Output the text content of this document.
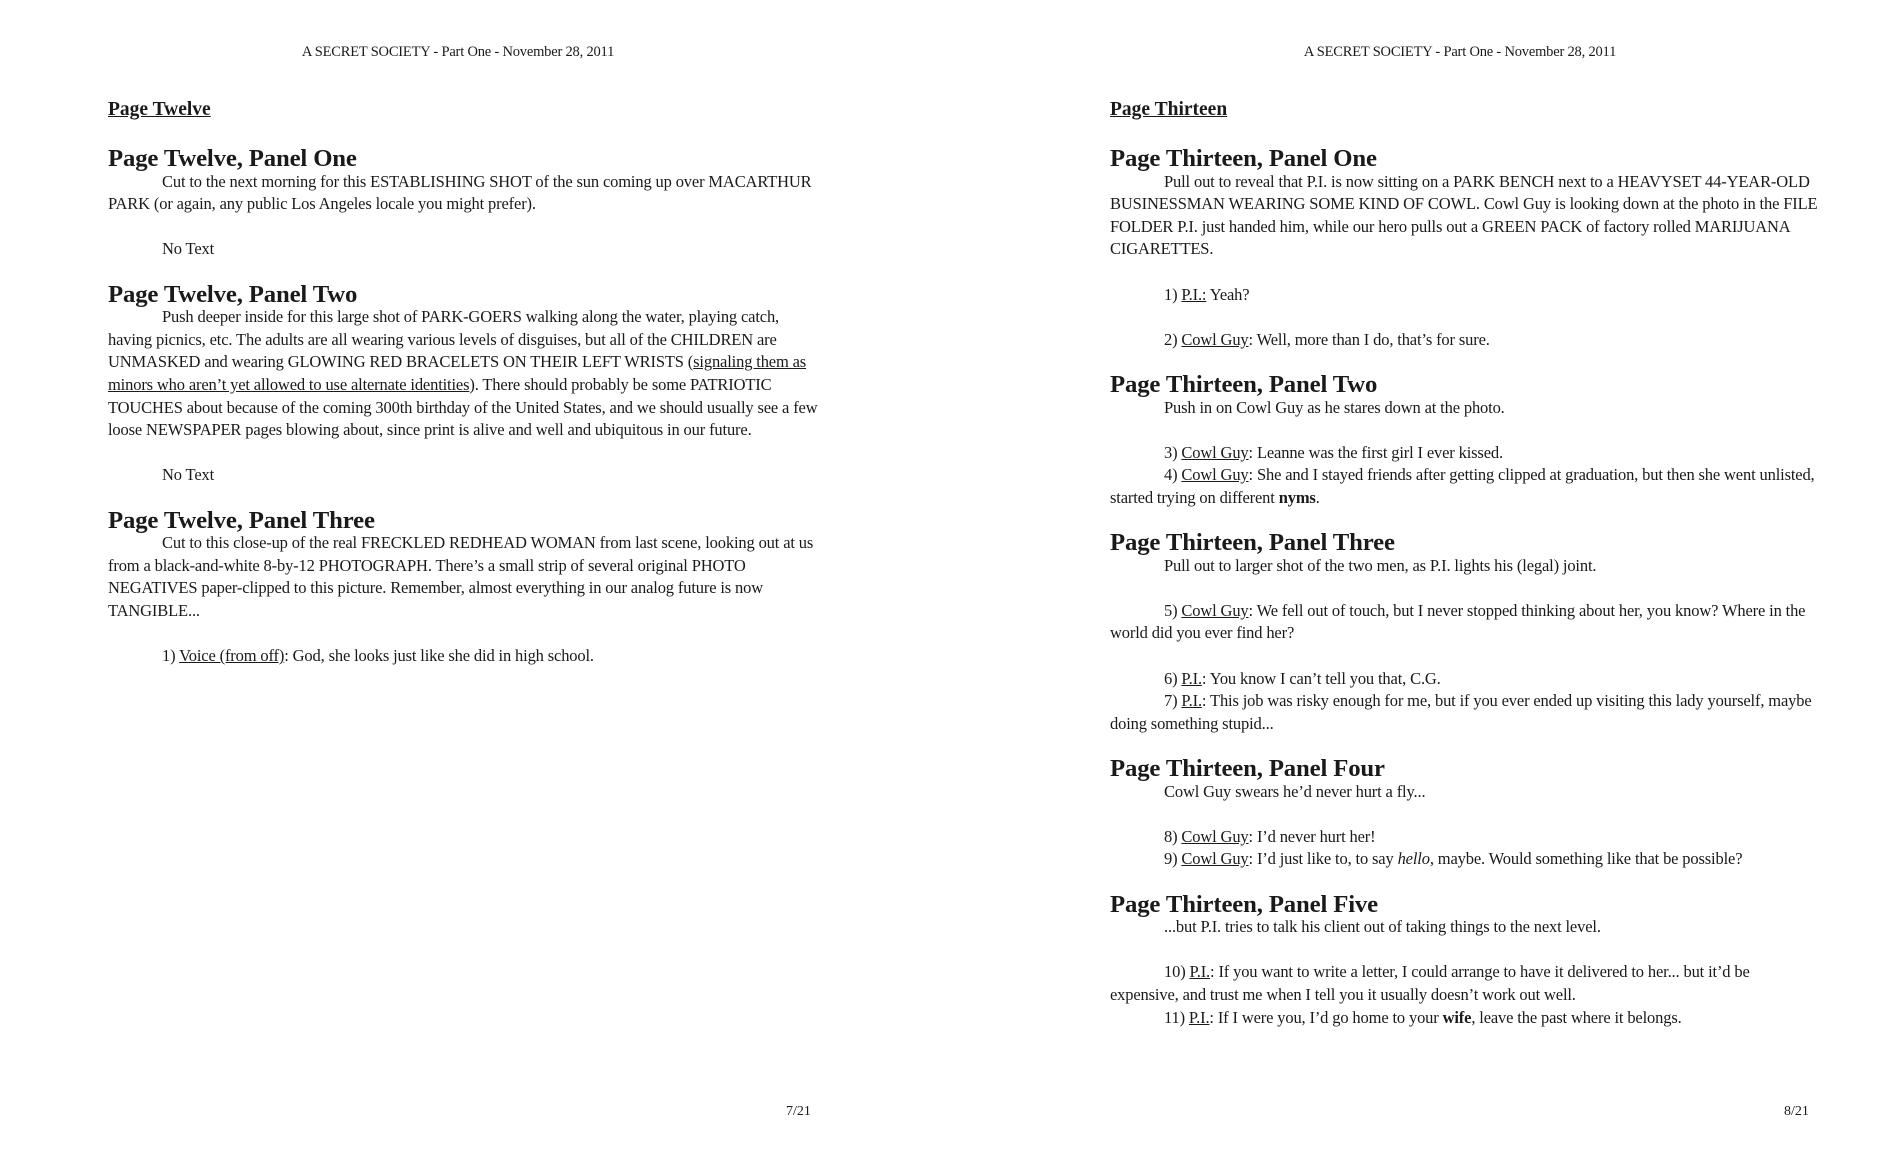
A SECRET SOCIETY - Part One - November 28, 2011
Page Twelve
Page Twelve, Panel One

Cut to the next morning for this ESTABLISHING SHOT of the sun coming up over MACARTHUR PARK (or again, any public Los Angeles locale you might prefer).

No Text

Page Twelve, Panel Two

Push deeper inside for this large shot of PARK-GOERS walking along the water, playing catch, having picnics, etc. The adults are all wearing various levels of disguises, but all of the CHILDREN are UNMASKED and wearing GLOWING RED BRACELETS ON THEIR LEFT WRISTS (signaling them as minors who aren’t yet allowed to use alternate identities). There should probably be some PATRIOTIC TOUCHES about because of the coming 300th birthday of the United States, and we should usually see a few loose NEWSPAPER pages blowing about, since print is alive and well and ubiquitous in our future.

No Text

Page Twelve, Panel Three

Cut to this close-up of the real FRECKLED REDHEAD WOMAN from last scene, looking out at us from a black-and-white 8-by-12 PHOTOGRAPH. There’s a small strip of several original PHOTO NEGATIVES paper-clipped to this picture. Remember, almost everything in our analog future is now TANGIBLE...

1) Voice (from off): God, she looks just like she did in high school.

7/21
A SECRET SOCIETY - Part One - November 28, 2011
Page Thirteen
Page Thirteen, Panel One

Pull out to reveal that P.I. is now sitting on a PARK BENCH next to a HEAVYSET 44-YEAR-OLD BUSINESSMAN WEARING SOME KIND OF COWL. Cowl Guy is looking down at the photo in the FILE FOLDER P.I. just handed him, while our hero pulls out a GREEN PACK of factory rolled MARIJUANA CIGARETTES.

1) P.I.: Yeah?

2) Cowl Guy: Well, more than I do, that’s for sure.

Page Thirteen, Panel Two

Push in on Cowl Guy as he stares down at the photo.

3) Cowl Guy: Leanne was the first girl I ever kissed.

4) Cowl Guy: She and I stayed friends after getting clipped at graduation, but then she went unlisted, started trying on different nyms.

Page Thirteen, Panel Three

Pull out to larger shot of the two men, as P.I. lights his (legal) joint.

5) Cowl Guy: We fell out of touch, but I never stopped thinking about her, you know? Where in the world did you ever find her?

6) P.I.: You know I can’t tell you that, C.G.

7) P.I.: This job was risky enough for me, but if you ever ended up visiting this lady yourself, maybe doing something stupid...

Page Thirteen, Panel Four

Cowl Guy swears he’d never hurt a fly...

8) Cowl Guy: I’d never hurt her!

9) Cowl Guy: I’d just like to, to say hello, maybe. Would something like that be possible?

Page Thirteen, Panel Five

...but P.I. tries to talk his client out of taking things to the next level.

10) P.I.: If you want to write a letter, I could arrange to have it delivered to her... but it’d be expensive, and trust me when I tell you it usually doesn’t work out well.

11) P.I.: If I were you, I’d go home to your wife, leave the past where it belongs.

8/21
